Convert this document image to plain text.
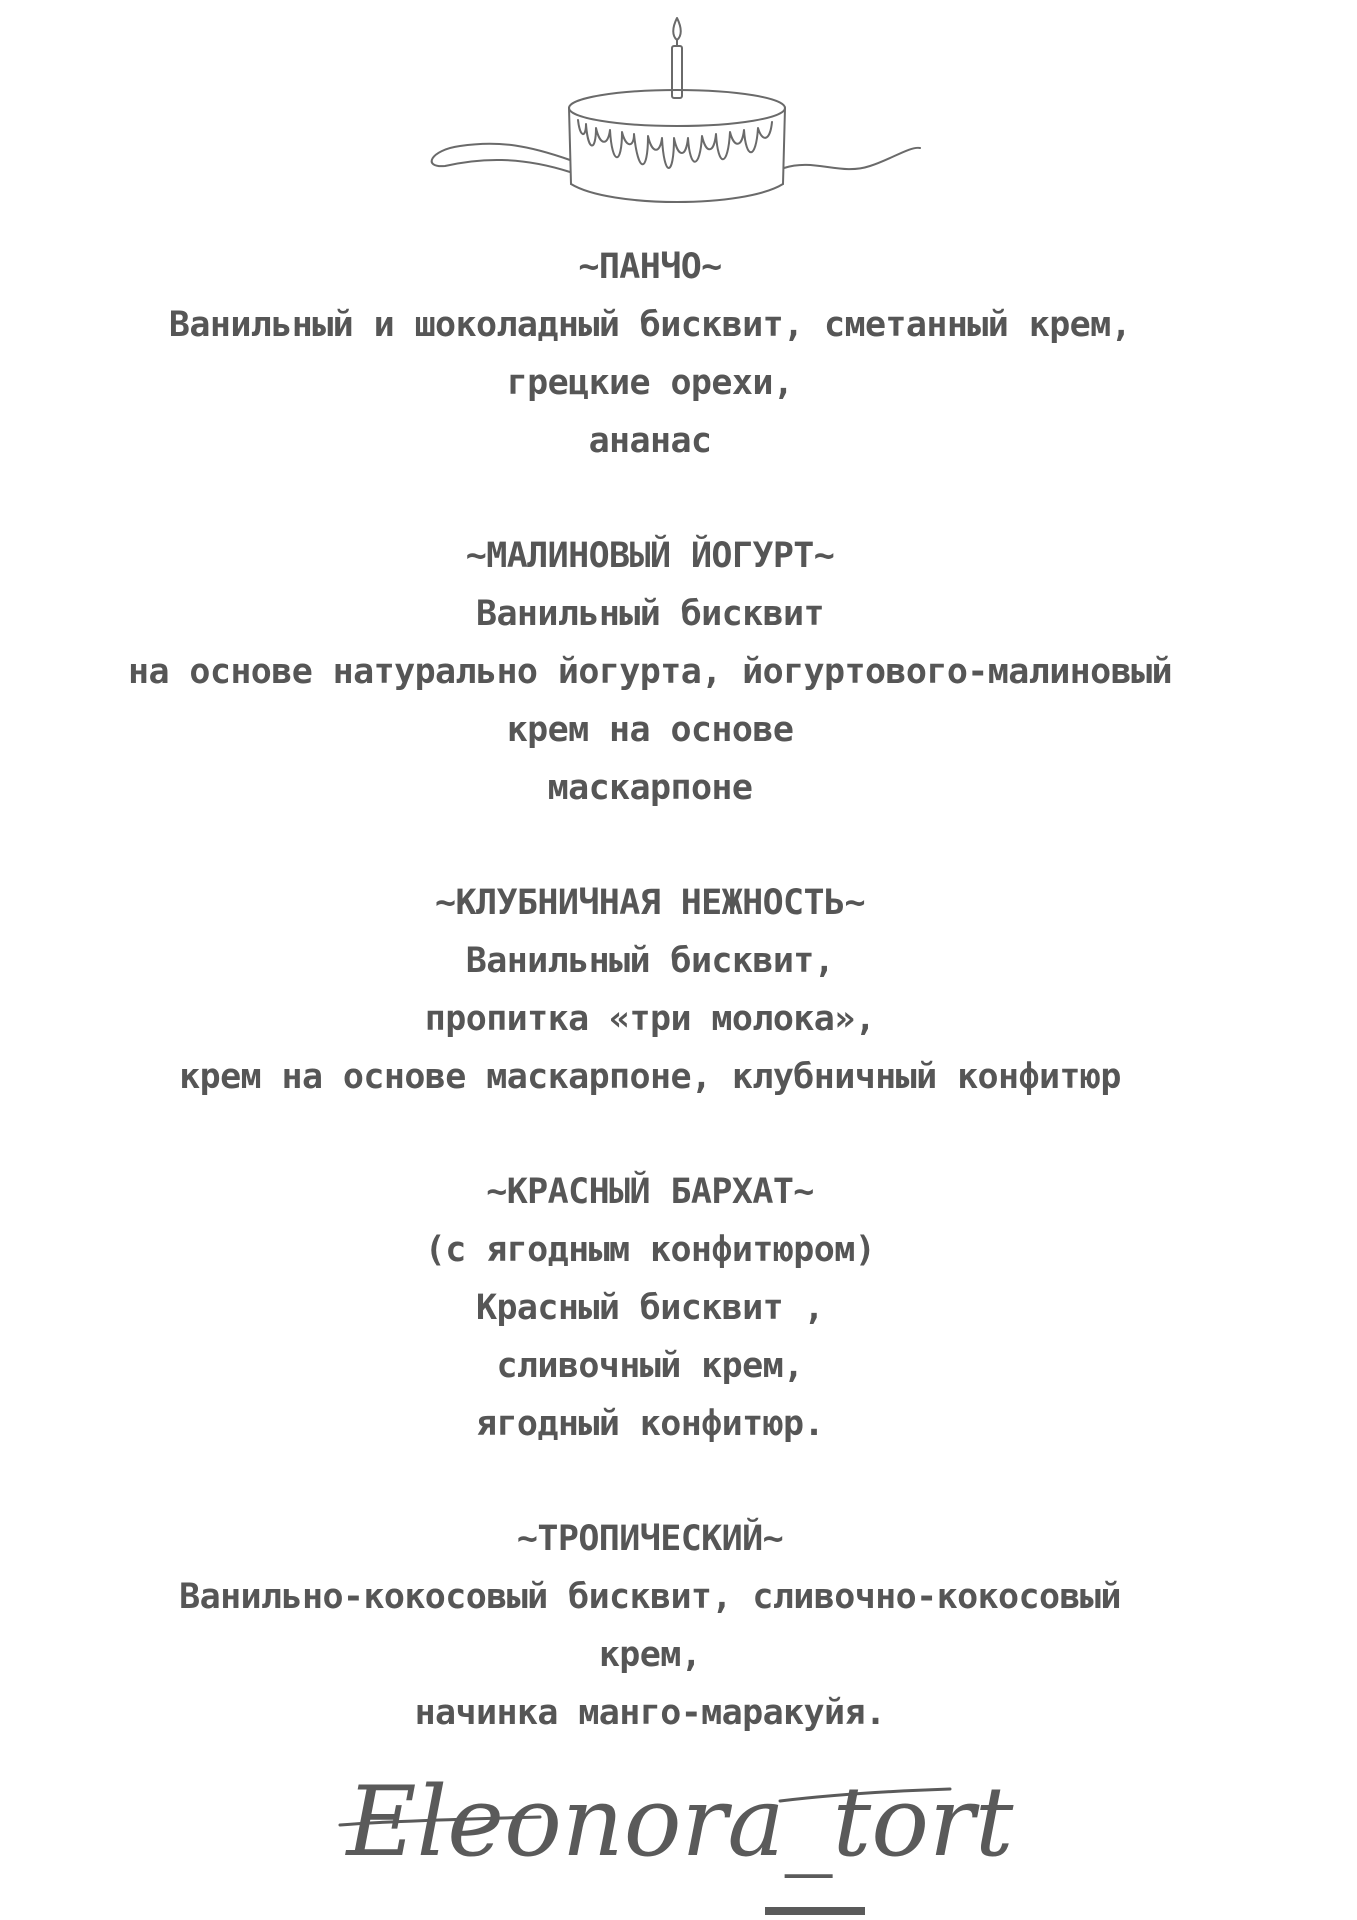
~ПАНЧО~
Ванильный и шоколадный бисквит, сметанный крем,
грецкие орехи,
ананас
~МАЛИНОВЫЙ ЙОГУРТ~
Ванильный бисквит
на основе натурально йогурта, йогуртового-малиновый
крем на основе
маскарпоне
~КЛУБНИЧНАЯ НЕЖНОСТЬ~
Ванильный бисквит,
пропитка «три молока»,
крем на основе маскарпоне, клубничный конфитюр
~КРАСНЫЙ БАРХАТ~
(с ягодным конфитюром)
Красный бисквит ,
сливочный крем,
ягодный конфитюр.
~ТРОПИЧЕСКИЙ~
Ванильно-кокосовый бисквит, сливочно-кокосовый
крем,
начинка манго-маракуйя.
Eleonora_tort
